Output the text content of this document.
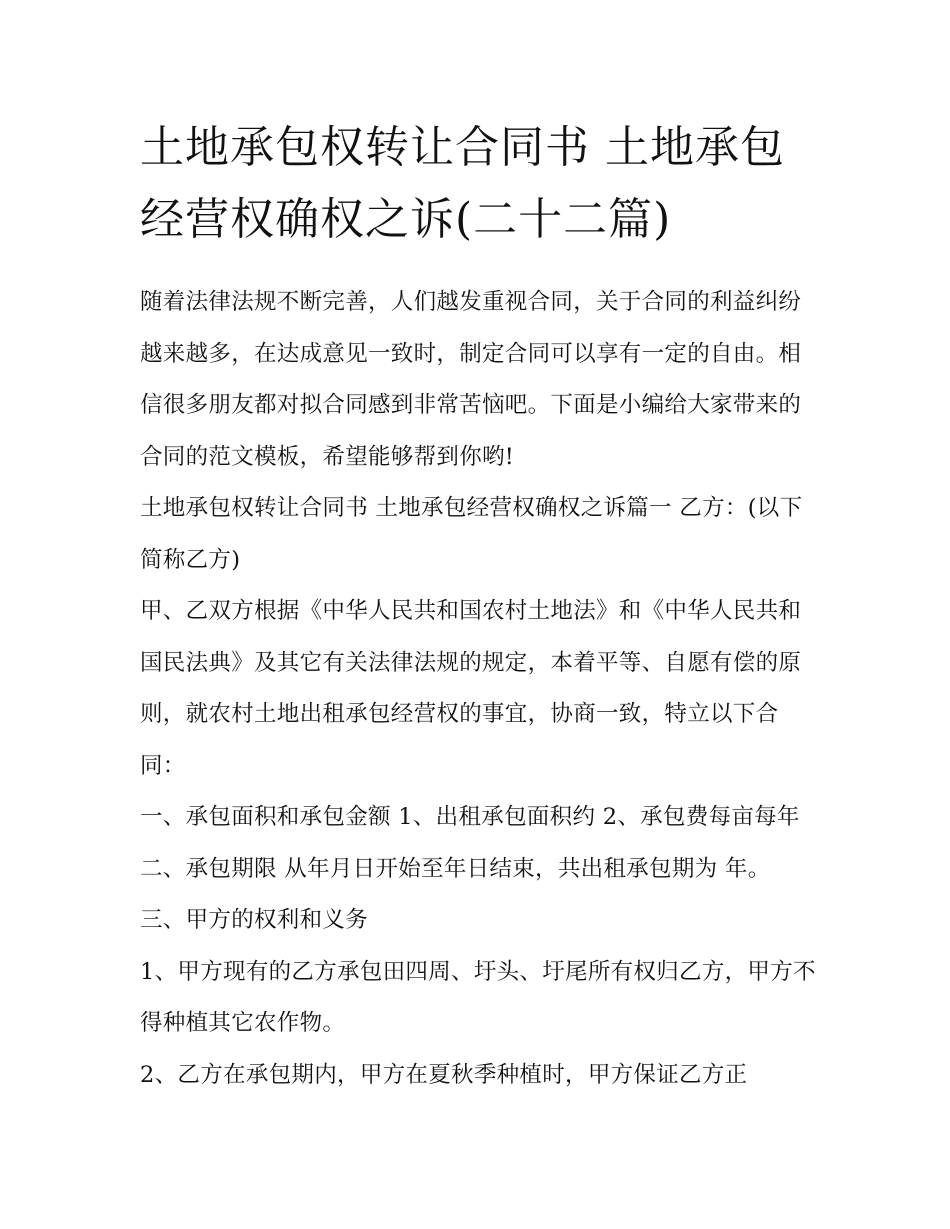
土地承包权转让合同书 土地承包经营权确权之诉(二十二篇)

随着法律法规不断完善，人们越发重视合同，关于合同的利益纠纷越来越多，在达成意见一致时，制定合同可以享有一定的自由。相信很多朋友都对拟合同感到非常苦恼吧。下面是小编给大家带来的合同的范文模板，希望能够帮到你哟!

土地承包权转让合同书 土地承包经营权确权之诉篇一 乙方：(以下简称乙方)

甲、乙双方根据《中华人民共和国农村土地法》和《中华人民共和国民法典》及其它有关法律法规的规定，本着平等、自愿有偿的原则，就农村土地出租承包经营权的事宜，协商一致，特立以下合同：

一、承包面积和承包金额 1、出租承包面积约 2、承包费每亩每年 二、承包期限 从年月日开始至年日结束，共出租承包期为 年。 三、甲方的权利和义务

1、甲方现有的乙方承包田四周、圩头、圩尾所有权归乙方，甲方不得种植其它农作物。

2、乙方在承包期内，甲方在夏秋季种植时，甲方保证乙方正
